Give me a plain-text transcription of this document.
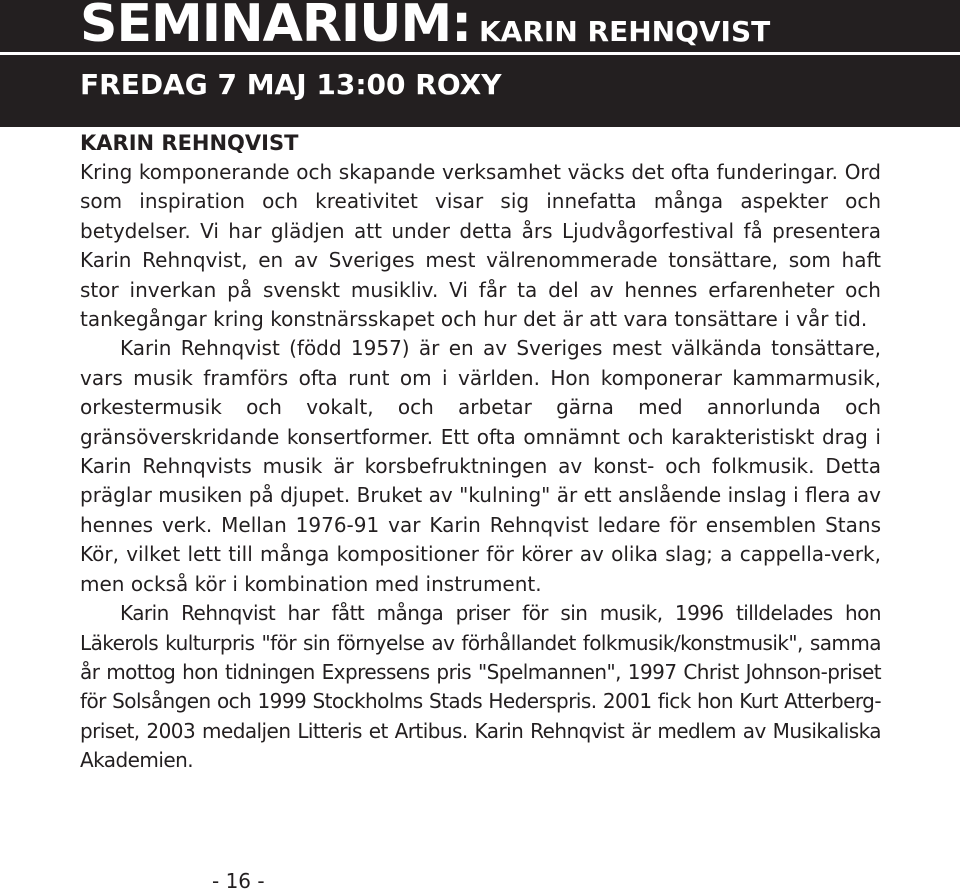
SEMINARIUM: KARIN REHNQVIST
FREDAG 7 MAJ 13:00 ROXY
KARIN REHNQVIST

Kring komponerande och skapande verksamhet väcks det ofta funderingar. Ord som inspiration och kreativitet visar sig innefatta många aspekter och betydelser. Vi har glädjen att under detta års Ljudvågorfestival få presentera Karin Rehnqvist, en av Sveriges mest välrenommerade tonsättare, som haft stor inverkan på svenskt musikliv. Vi får ta del av hennes erfarenheter och tankegångar kring konstnärsskapet och hur det är att vara tonsättare i vår tid.

Karin Rehnqvist (född 1957) är en av Sveriges mest välkända tonsättare, vars musik framförs ofta runt om i världen. Hon komponerar kammarmusik, orkestermusik och vokalt, och arbetar gärna med annorlunda och gränsöverskridande konsertformer. Ett ofta omnämnt och karakteristiskt drag i Karin Rehnqvists musik är korsbefruktningen av konst- och folkmusik. Detta präglar musiken på djupet. Bruket av "kulning" är ett anslående inslag i flera av hennes verk. Mellan 1976-91 var Karin Rehnqvist ledare för ensemblen Stans Kör, vilket lett till många kompositioner för körer av olika slag; a cappella-verk, men också kör i kombination med instrument.

Karin Rehnqvist har fått många priser för sin musik, 1996 tilldelades hon Läkerols kulturpris "för sin förnyelse av förhållandet folkmusik/konstmusik", samma år mottog hon tidningen Expressens pris "Spelmannen", 1997 Christ Johnson-priset för Solsången och 1999 Stockholms Stads Hederspris. 2001 fick hon Kurt Atterberg-priset, 2003 medaljen Litteris et Artibus. Karin Rehnqvist är medlem av Musikaliska Akademien.

- 16 -
